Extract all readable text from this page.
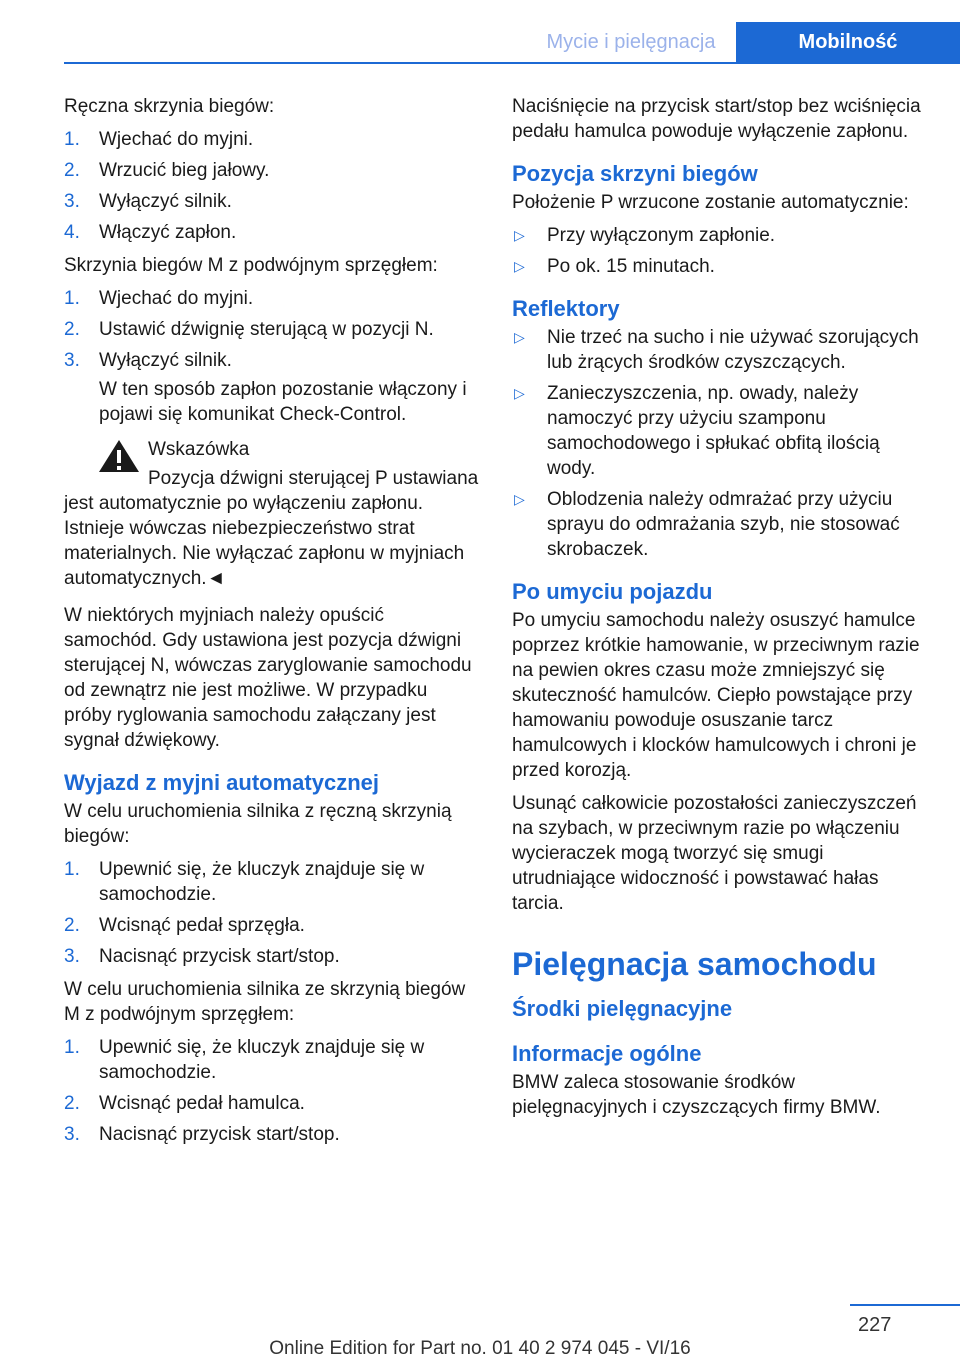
Mycie i pielęgnacja	Mobilność

Ręczna skrzynia biegów:

1. Wjechać do myjni.
2. Wrzucić bieg jałowy.
3. Wyłączyć silnik.
4. Włączyć zapłon.

Skrzynia biegów M z podwójnym sprzęgłem:

1. Wjechać do myjni.
2. Ustawić dźwignię sterującą w pozycji N.
3. Wyłączyć silnik.
W ten sposób zapłon pozostanie włączony i pojawi się komunikat Check-Control.
Wskazówka

Pozycja dźwigni sterującej P ustawiana jest automatycznie po wyłączeniu zapłonu. Istnieje wówczas niebezpieczeństwo strat materialnych. Nie wyłączać zapłonu w myjniach automatycznych.◄

W niektórych myjniach należy opuścić samochód. Gdy ustawiona jest pozycja dźwigni sterującej N, wówczas zaryglowanie samochodu od zewnątrz nie jest możliwe. W przypadku próby ryglowania samochodu załączany jest sygnał dźwiękowy.

Wyjazd z myjni automatycznej

W celu uruchomienia silnika z ręczną skrzynią biegów:

1. Upewnić się, że kluczyk znajduje się w samochodzie.
2. Wcisnąć pedał sprzęgła.
3. Nacisnąć przycisk start/stop.

W celu uruchomienia silnika ze skrzynią biegów M z podwójnym sprzęgłem:

1. Upewnić się, że kluczyk znajduje się w samochodzie.
2. Wcisnąć pedał hamulca.
3. Nacisnąć przycisk start/stop.

Naciśnięcie na przycisk start/stop bez wciśnięcia pedału hamulca powoduje wyłączenie zapłonu.

Pozycja skrzyni biegów

Położenie P wrzucone zostanie automatycznie:

▷ Przy wyłączonym zapłonie.
▷ Po ok. 15 minutach.
Reflektory
▷ Nie trzeć na sucho i nie używać szorujących lub żrących środków czyszczących.
▷ Zanieczyszczenia, np. owady, należy namoczyć przy użyciu szamponu samochodowego i spłukać obfitą ilością wody.
▷ Oblodzenia należy odmrażać przy użyciu sprayu do odmrażania szyb, nie stosować skrobaczek.
Po umyciu pojazdu

Po umyciu samochodu należy osuszyć hamulce poprzez krótkie hamowanie, w przeciwnym razie na pewien okres czasu może zmniejszyć się skuteczność hamulców. Ciepło powstające przy hamowaniu powoduje osuszanie tarcz hamulcowych i klocków hamulcowych i chroni je przed korozją.

Usunąć całkowicie pozostałości zanieczyszczeń na szybach, w przeciwnym razie po włączeniu wycieraczek mogą tworzyć się smugi utrudniające widoczność i powstawać hałas tarcia.

Pielęgnacja samochodu
Środki pielęgnacyjne
Informacje ogólne

BMW zaleca stosowanie środków pielęgnacyjnych i czyszczących firmy BMW.

227
Online Edition for Part no. 01 40 2 974 045 - VI/16
